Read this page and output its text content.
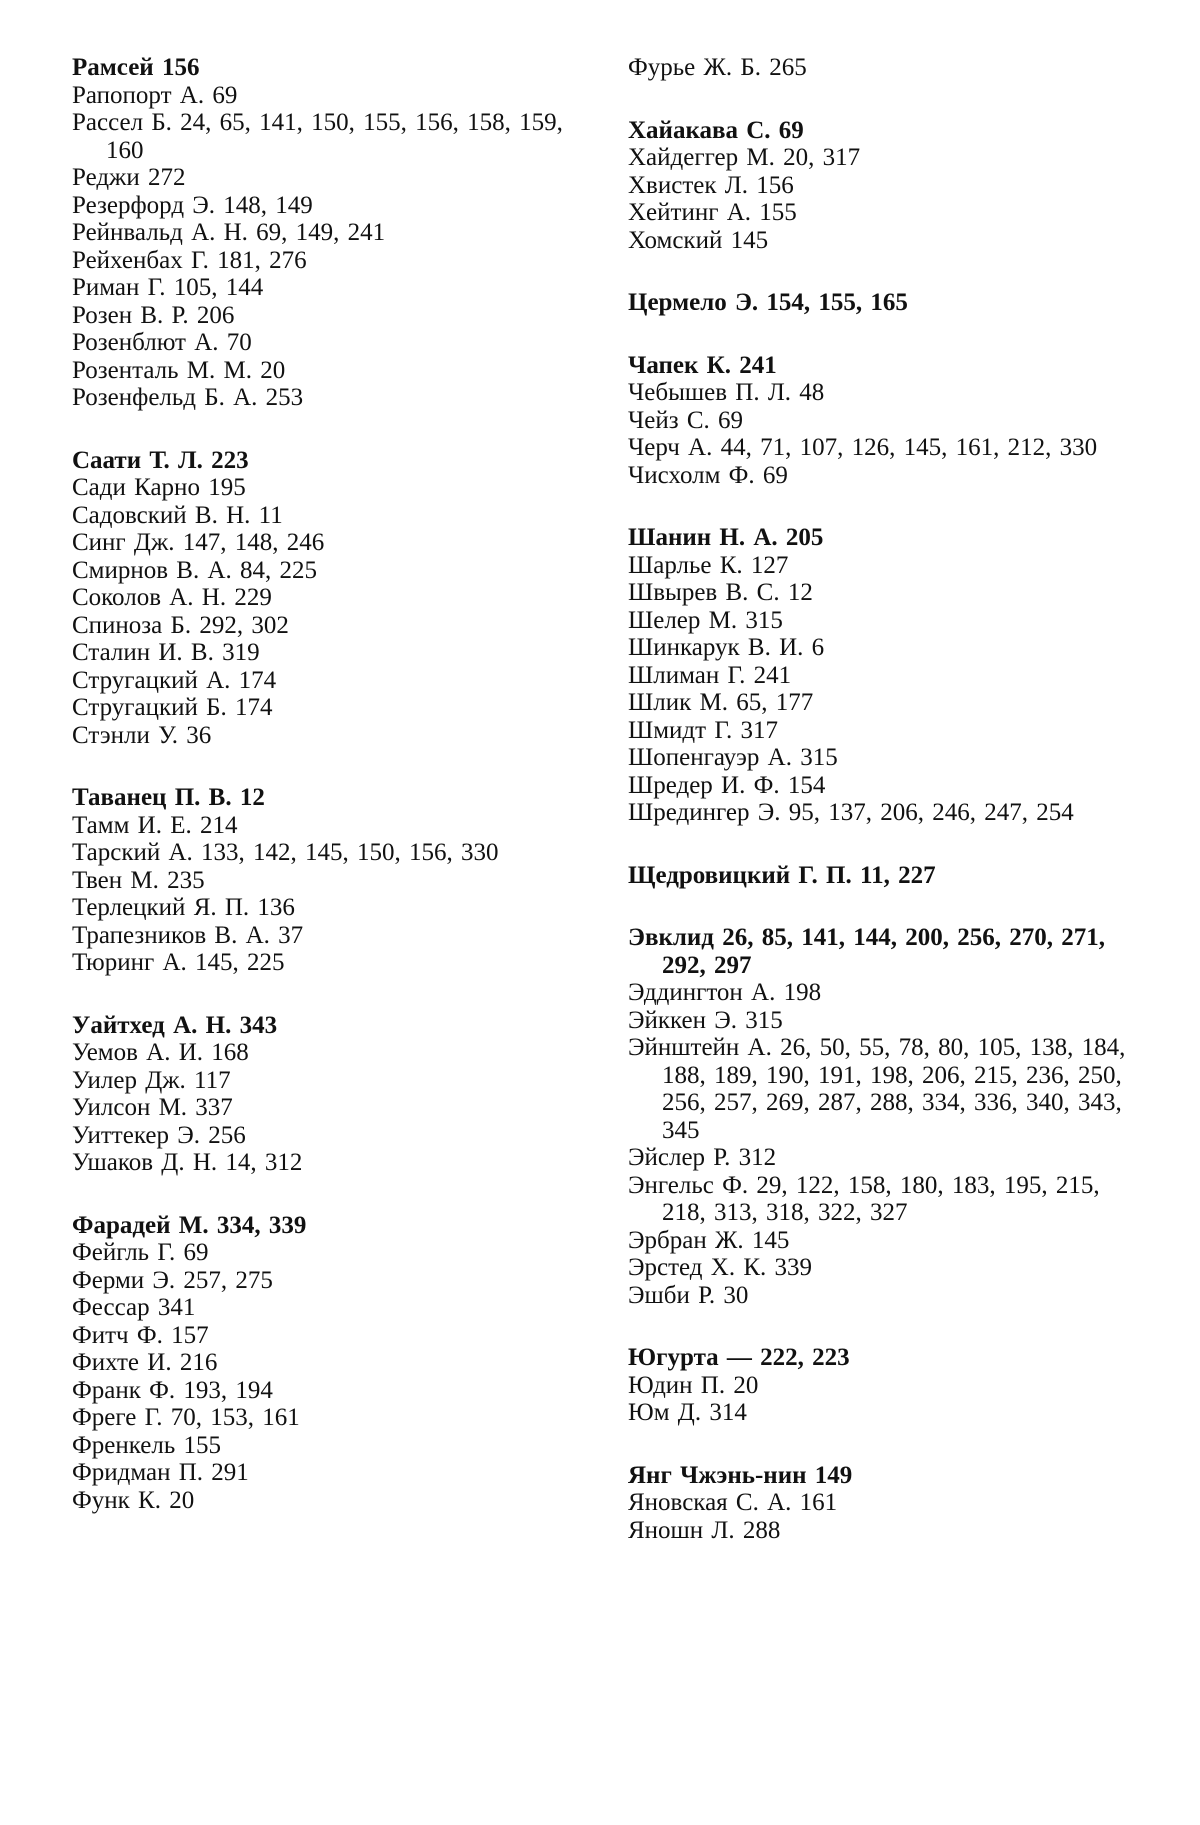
Рамсей 156
Рапопорт А. 69
Рассел Б. 24, 65, 141, 150, 155, 156, 158, 159, 160
Реджи 272
Резерфорд Э. 148, 149
Рейнвальд А. Н. 69, 149, 241
Рейхенбах Г. 181, 276
Риман Г. 105, 144
Розен В. Р. 206
Розенблют А. 70
Розенталь М. М. 20
Розенфельд Б. А. 253
Саати Т. Л. 223
Сади Карно 195
Садовский В. Н. 11
Синг Дж. 147, 148, 246
Смирнов В. А. 84, 225
Соколов А. Н. 229
Спиноза Б. 292, 302
Сталин И. В. 319
Стругацкий А. 174
Стругацкий Б. 174
Стэнли У. 36
Таванец П. В. 12
Тамм И. Е. 214
Тарский А. 133, 142, 145, 150, 156, 330
Твен М. 235
Терлецкий Я. П. 136
Трапезников В. А. 37
Тюринг А. 145, 225
Уайтхед А. Н. 343
Уемов А. И. 168
Уилер Дж. 117
Уилсон М. 337
Уиттекер Э. 256
Ушаков Д. Н. 14, 312
Фарадей М. 334, 339
Фейгль Г. 69
Ферми Э. 257, 275
Фессар 341
Фитч Ф. 157
Фихте И. 216
Франк Ф. 193, 194
Фреге Г. 70, 153, 161
Френкель 155
Фридман П. 291
Функ К. 20
Фурье Ж. Б. 265
Хайакава С. 69
Хайдеггер М. 20, 317
Хвистек Л. 156
Хейтинг А. 155
Хомский 145
Цермело Э. 154, 155, 165
Чапек К. 241
Чебышев П. Л. 48
Чейз С. 69
Черч А. 44, 71, 107, 126, 145, 161, 212, 330
Чисхолм Ф. 69
Шанин Н. А. 205
Шарлье К. 127
Швырев В. С. 12
Шелер М. 315
Шинкарук В. И. 6
Шлиман Г. 241
Шлик М. 65, 177
Шмидт Г. 317
Шопенгауэр А. 315
Шредер И. Ф. 154
Шредингер Э. 95, 137, 206, 246, 247, 254
Щедровицкий Г. П. 11, 227
Эвклид 26, 85, 141, 144, 200, 256, 270, 271, 292, 297
Эддингтон А. 198
Эйккен Э. 315
Эйнштейн А. 26, 50, 55, 78, 80, 105, 138, 184, 188, 189, 190, 191, 198, 206, 215, 236, 250, 256, 257, 269, 287, 288, 334, 336, 340, 343, 345
Эйслер Р. 312
Энгельс Ф. 29, 122, 158, 180, 183, 195, 215, 218, 313, 318, 322, 327
Эрбран Ж. 145
Эрстед Х. К. 339
Эшби Р. 30
Югурта — 222, 223
Юдин П. 20
Юм Д. 314
Янг Чжэнь-нин 149
Яновская С. А. 161
Яношн Л. 288
